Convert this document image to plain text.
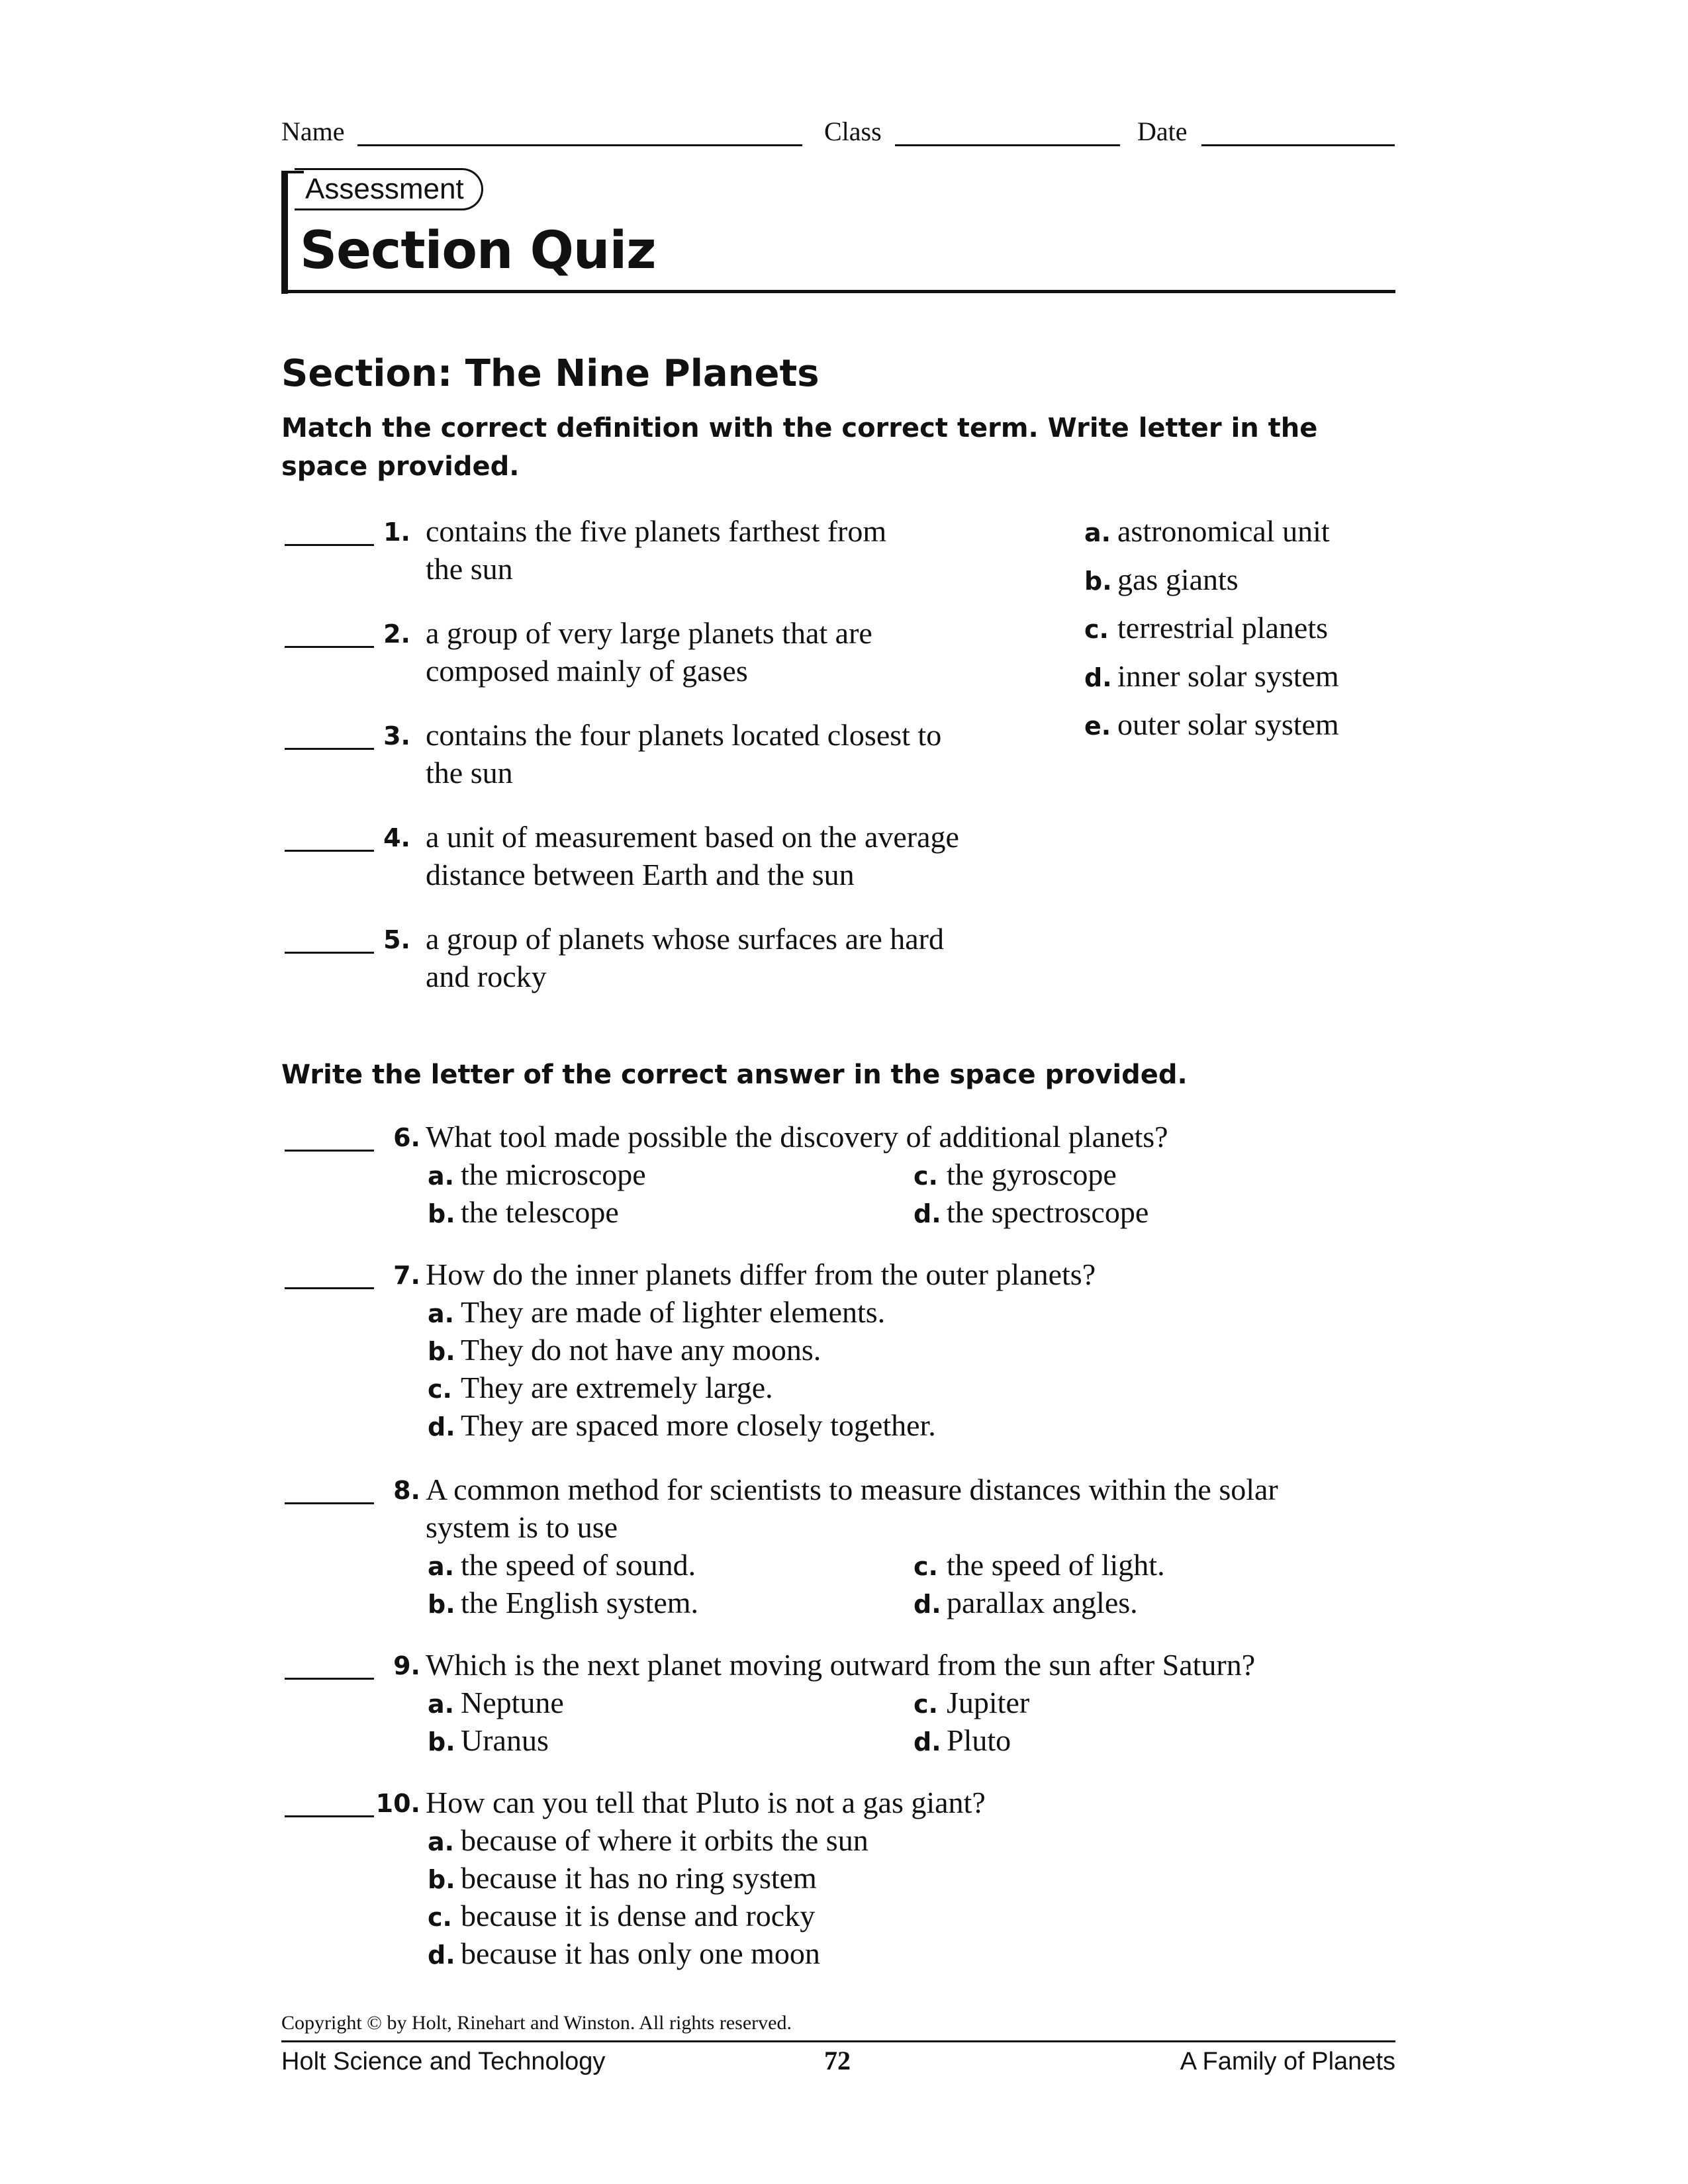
Name	Class	Date
Assessment
Section Quiz
Section: The Nine Planets
Match the correct definition with the correct term. Write letter in the space provided.
1. contains the five planets farthest from
the sun
2. a group of very large planets that are
composed mainly of gases
3. contains the four planets located closest to
the sun
4. a unit of measurement based on the average
distance between Earth and the sun
5. a group of planets whose surfaces are hard
and rocky
a. astronomical unit
b. gas giants
c. terrestrial planets
d. inner solar system
e. outer solar system
Write the letter of the correct answer in the space provided.
6. What tool made possible the discovery of additional planets?
a. the microscope
b. the telescope
c. the gyroscope
d. the spectroscope
7. How do the inner planets differ from the outer planets?
a. They are made of lighter elements.
b. They do not have any moons.
c. They are extremely large.
d. They are spaced more closely together.
8. A common method for scientists to measure distances within the solar
system is to use
a. the speed of sound.
b. the English system.
c. the speed of light.
d. parallax angles.
9. Which is the next planet moving outward from the sun after Saturn?
a. Neptune
b. Uranus
c. Jupiter
d. Pluto
10. How can you tell that Pluto is not a gas giant?
a. because of where it orbits the sun
b. because it has no ring system
c. because it is dense and rocky
d. because it has only one moon
Copyright © by Holt, Rinehart and Winston. All rights reserved.
Holt Science and Technology	72	A Family of Planets
